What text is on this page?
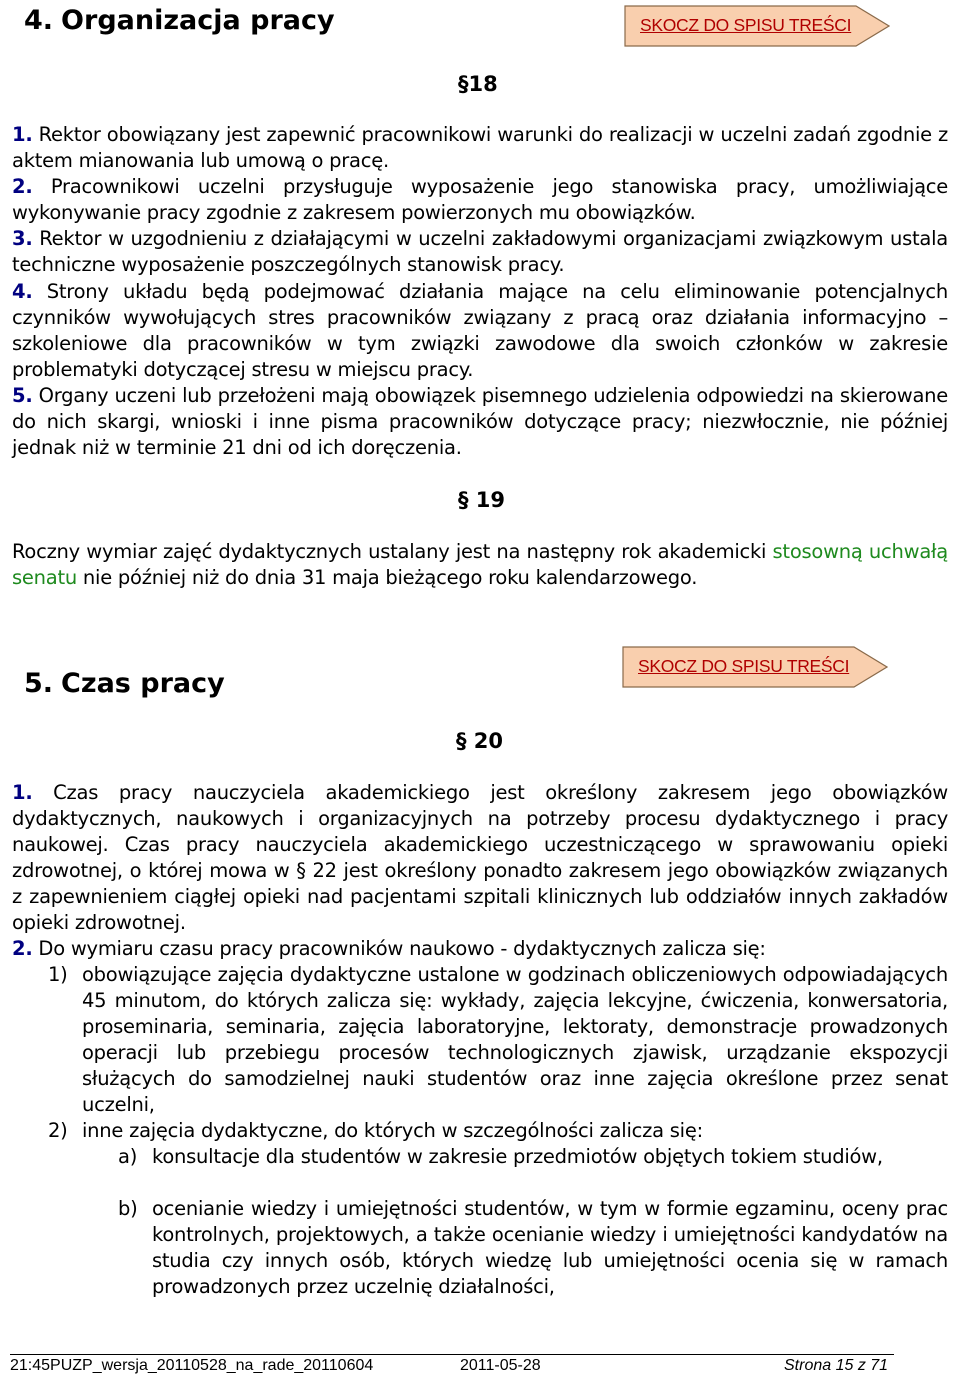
4. Organizacja pracy	SKOCZ DO SPISU TREŚCI
§18

1. Rektor obowiązany jest zapewnić pracownikowi warunki do realizacji w uczelni zadań zgodnie z aktem mianowania lub umową o pracę.

2. Pracownikowi uczelni przysługuje wyposażenie jego stanowiska pracy, umożliwiające wykonywanie pracy zgodnie z zakresem powierzonych mu obowiązków.

3. Rektor w uzgodnieniu z działającymi w uczelni zakładowymi organizacjami związkowym ustala techniczne wyposażenie poszczególnych stanowisk pracy.

4. Strony układu będą podejmować działania mające na celu eliminowanie potencjalnych czynników wywołujących stres pracowników związany z pracą oraz działania informacyjno – szkoleniowe dla pracowników w tym związki zawodowe dla swoich członków w zakresie problematyki dotyczącej stresu w miejscu pracy.

5. Organy uczeni lub przełożeni mają obowiązek pisemnego udzielenia odpowiedzi na skierowane do nich skargi, wnioski i inne pisma pracowników dotyczące pracy; niezwłocznie, nie później jednak niż w terminie 21 dni od ich doręczenia.

§ 19

Roczny wymiar zajęć dydaktycznych ustalany jest na następny rok akademicki stosowną uchwałą senatu nie później niż do dnia 31 maja bieżącego roku kalendarzowego.

5. Czas pracy
SKOCZ DO SPISU TREŚCI
§ 20

1. Czas pracy nauczyciela akademickiego jest określony zakresem jego obowiązków dydaktycznych, naukowych i organizacyjnych na potrzeby procesu dydaktycznego i pracy naukowej. Czas pracy nauczyciela akademickiego uczestniczącego w sprawowaniu opieki zdrowotnej, o której mowa w § 22 jest określony ponadto zakresem jego obowiązków związanych z zapewnieniem ciągłej opieki nad pacjentami szpitali klinicznych lub oddziałów innych zakładów opieki zdrowotnej.

2. Do wymiaru czasu pracy pracowników naukowo - dydaktycznych zalicza się:

1) obowiązujące zajęcia dydaktyczne ustalone w godzinach obliczeniowych odpowiadających 45 minutom, do których zalicza się: wykłady, zajęcia lekcyjne, ćwiczenia, konwersatoria, proseminaria, seminaria, zajęcia laboratoryjne, lektoraty, demonstracje prowadzonych operacji lub przebiegu procesów technologicznych zjawisk, urządzanie ekspozycji służących do samodzielnej nauki studentów oraz inne zajęcia określone przez senat uczelni,
2) inne zajęcia dydaktyczne, do których w szczególności zalicza się:
a) konsultacje dla studentów w zakresie przedmiotów objętych tokiem studiów,
b) ocenianie wiedzy i umiejętności studentów, w tym w formie egzaminu, oceny prac kontrolnych, projektowych, a także ocenianie wiedzy i umiejętności kandydatów na studia czy innych osób, których wiedzę lub umiejętności ocenia się w ramach prowadzonych przez uczelnię działalności,
21:45PUZP_wersja_20110528_na_rade_20110604	2011-05-28	Strona 15 z 71
